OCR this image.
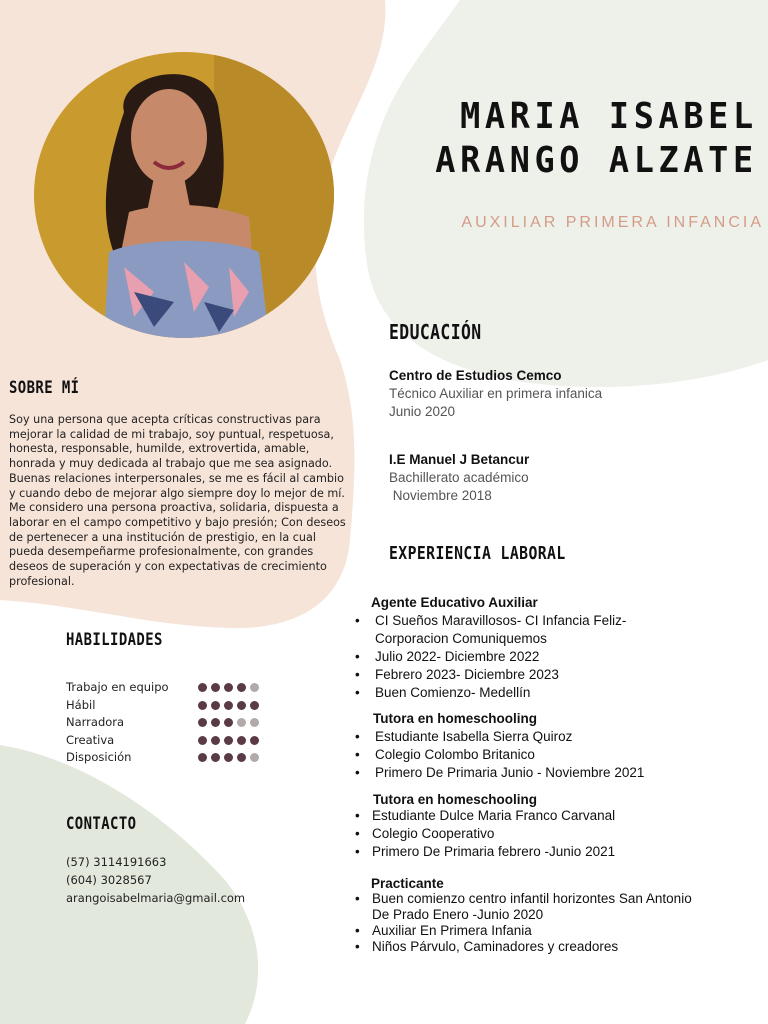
MARIA ISABEL
ARANGO ALZATE
AUXILIAR PRIMERA INFANCIA
SOBRE MÍ

Soy una persona que acepta críticas constructivas para mejorar la calidad de mi trabajo, soy puntual, respetuosa, honesta, responsable, humilde, extrovertida, amable, honrada y muy dedicada al trabajo que me sea asignado.

Buenas relaciones interpersonales, se me es fácil al cambio y cuando debo de mejorar algo siempre doy lo mejor de mí.

Me considero una persona proactiva, solidaria, dispuesta a laborar en el campo competitivo y bajo presión; Con deseos de pertenecer a una institución de prestigio, en la cual pueda desempeñarme profesionalmente, con grandes deseos de superación y con expectativas de crecimiento profesional.

HABILIDADES
Trabajo en equipo
Hábil
Narradora
Creativa
Disposición
CONTACTO
(57) 3114191663
(604) 3028567
arangoisabelmaria@gmail.com
EDUCACIÓN
Centro de Estudios Cemco
Técnico Auxiliar en primera infanica
Junio 2020
I.E Manuel J Betancur
Bachillerato académico
Noviembre 2018
EXPERIENCIA LABORAL
Agente Educativo Auxiliar
• CI Sueños Maravillosos- CI Infancia Feliz-Corporacion Comuniquemos
• Julio 2022- Diciembre 2022
• Febrero 2023- Diciembre 2023
• Buen Comienzo- Medellín
Tutora en homeschooling
• Estudiante Isabella Sierra Quiroz
• Colegio Colombo Britanico
• Primero De Primaria Junio - Noviembre 2021
Tutora en homeschooling
• Estudiante Dulce Maria Franco Carvanal
• Colegio Cooperativo
• Primero De Primaria febrero -Junio 2021
Practicante
• Buen comienzo centro infantil horizontes San Antonio De Prado Enero -Junio 2020
• Auxiliar En Primera Infania
• Niños Párvulo, Caminadores y creadores
